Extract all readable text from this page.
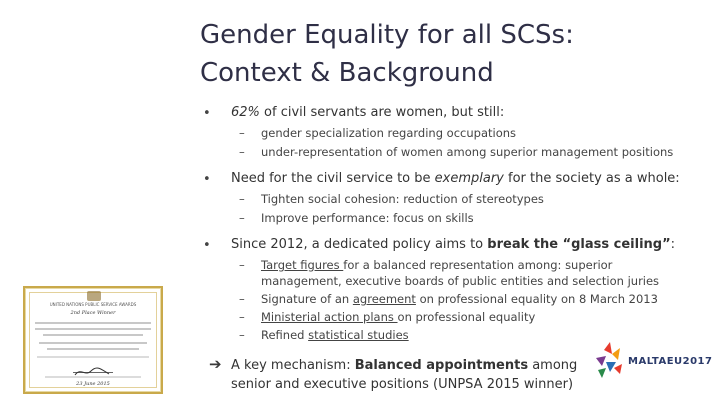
Gender Equality for all SCSs:
Context & Background
• 62% of civil servants are women, but still:
– gender specialization regarding occupations
– under-representation of women among superior management positions
• Need for the civil service to be exemplary for the society as a whole:
– Tighten social cohesion: reduction of stereotypes
– Improve performance: focus on skills
• Since 2012, a dedicated policy aims to break the “glass ceiling”:
– Target figures for a balanced representation among: superior
management, executive boards of public entities and selection juries
– Signature of an agreement on professional equality on 8 March 2013
– Ministerial action plans on professional equality
– Refined statistical studies
➔ A key mechanism: Balanced appointments among
senior and executive positions (UNPSA 2015 winner)
UNITED NATIONS PUBLIC SERVICE AWARDS
2nd Place Winner
23 June 2015
MALTAEU2017
